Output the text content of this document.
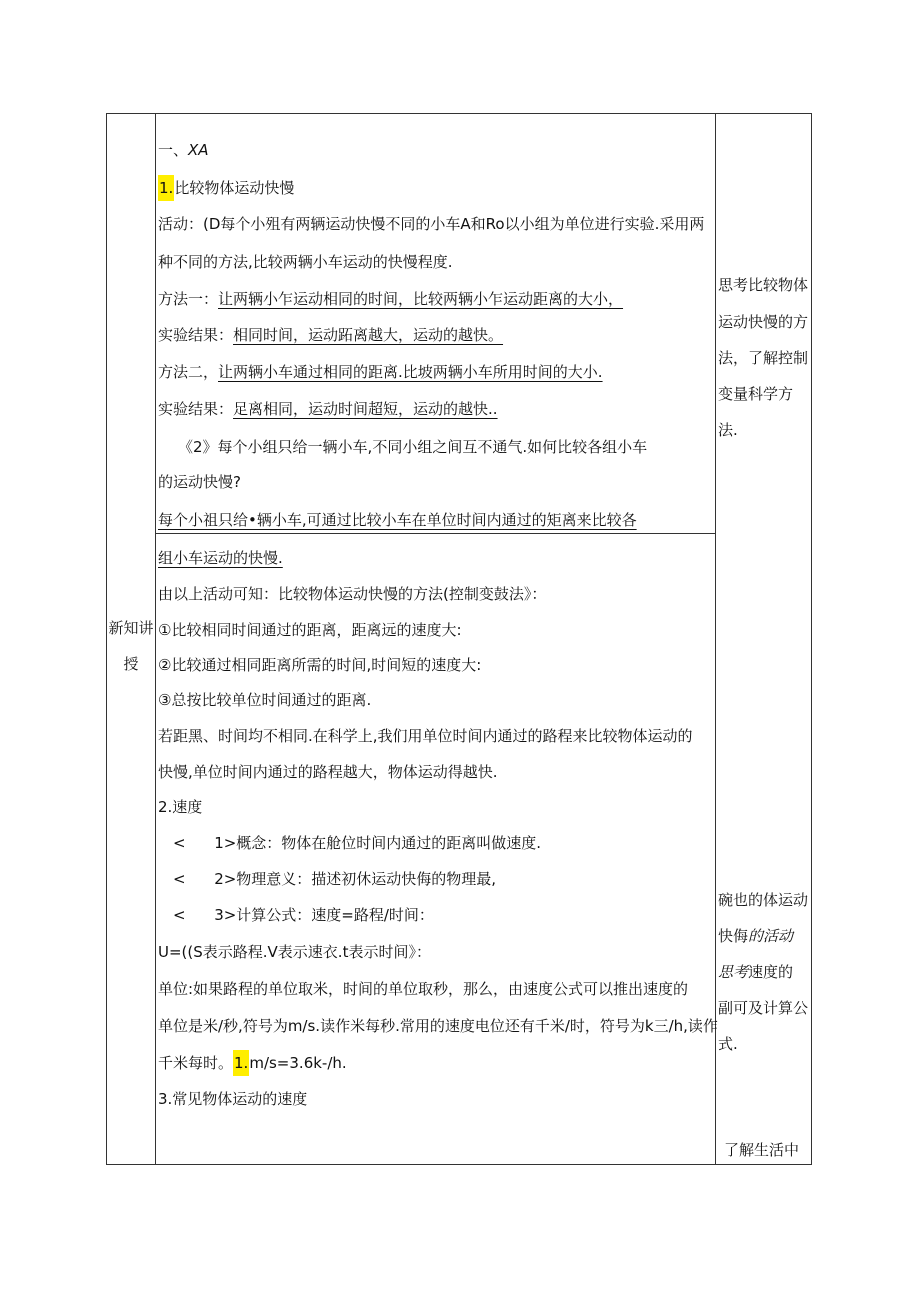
新知讲
授
一、XA
1.比较物体运动快慢
活动：(D每个小殂有两辆运动快慢不同的小车A和Ro以小组为单位进行实验.采用两
种不同的方法,比较两辆小车运动的快慢程度.
方法一：让两辆小乍运动相同的时间，比较两辆小乍运动距离的大小，
实验结果：相同时间，运动跖离越大，运动的越快。
方法二，让两辆小车通过相同的距离.比坡两辆小车所用时间的大小.
实验结果：足离相同，运动时间超短，运动的越快..
《2》每个小组只给一辆小车,不同小组之间互不通气.如何比较各组小车
的运动快慢?
每个小祖只给•辆小车,可通过比较小车在单位时间内通过的矩离来比较各
组小车运动的快慢.
由以上活动可知：比较物体运动快慢的方法(控制变鼓法》：
①比较相同时间通过的距离，距离远的速度大:
②比较通过相同距离所需的时间,时间短的速度大:
③总按比较单位时间通过的距离.
若距黑、时间均不相同.在科学上,我们用单位时间内通过的路程来比较物体运动的
快慢,单位时间内通过的路程越大，物体运动得越快.
2.速度
< 1>概念：物体在舱位时间内通过的距离叫做速度.
< 2>物理意义：描述初休运动快侮的物理最,
< 3>计算公式：速度=路程/时间：
U=((S表示路程.V表示速衣.t表示时间》：
单位:如果路程的单位取米，时间的单位取秒，那么，由速度公式可以推出速度的
单位是米/秒,符号为m/s.读作米每秒.常用的速度电位还有千米/时，符号为k三/h,读作
千米每时。1.m/s=3.6k-/h.
3.常见物体运动的速度
思考比较物体
运动快慢的方
法，了解控制
变量科学方
法.
碗也的体运动
快侮的活动
思考速度的
副可及计算公
式.
了解生活中
